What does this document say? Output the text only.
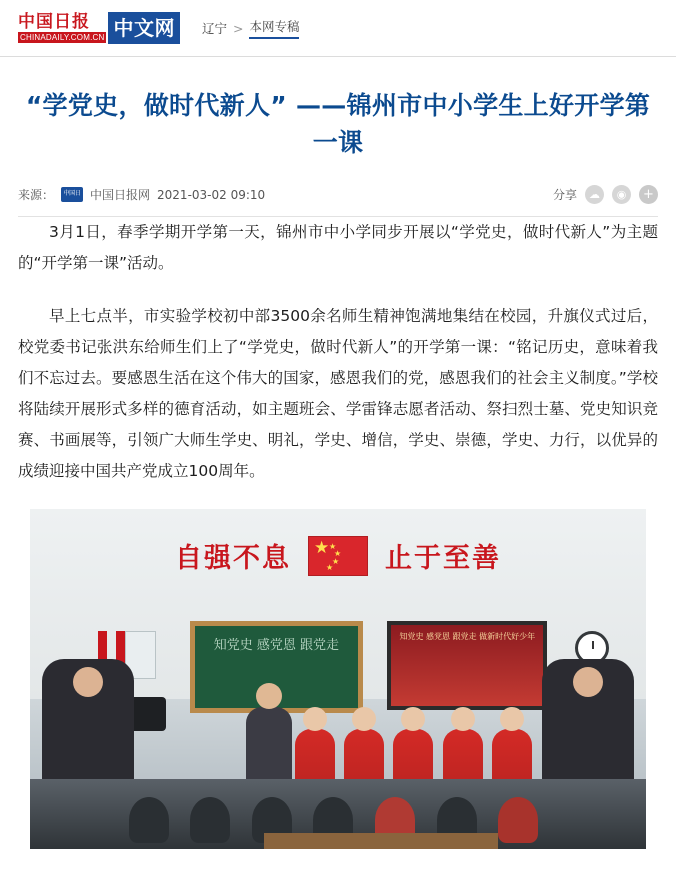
中国日报
CHINADAILY.COM.CN 中文网	辽宁 > 本网专稿
“学党史，做时代新人” ——锦州市中小学生上好开学第一课
来源：	中国日报
中国日报网 2021-03-02 09:10	分享	☁	◉	+

3月1日，春季学期开学第一天，锦州市中小学同步开展以“学党史，做时代新人”为主题的“开学第一课”活动。

早上七点半，市实验学校初中部3500余名师生精神饱满地集结在校园，升旗仪式过后，校党委书记张洪东给师生们上了“学党史，做时代新人”的开学第一课：“铭记历史，意味着我们不忘过去。要感恩生活在这个伟大的国家，感恩我们的党，感恩我们的社会主义制度。”学校将陆续开展形式多样的德育活动，如主题班会、学雷锋志愿者活动、祭扫烈士墓、党史知识竞赛、书画展等，引领广大师生学史、明礼，学史、增信，学史、崇德，学史、力行，以优异的成绩迎接中国共产党成立100周年。

自强不息 ★
★
★
★
★ 止于至善
知党史 感党恩 跟党走
知党史 感党恩 跟党走 做新时代好少年
